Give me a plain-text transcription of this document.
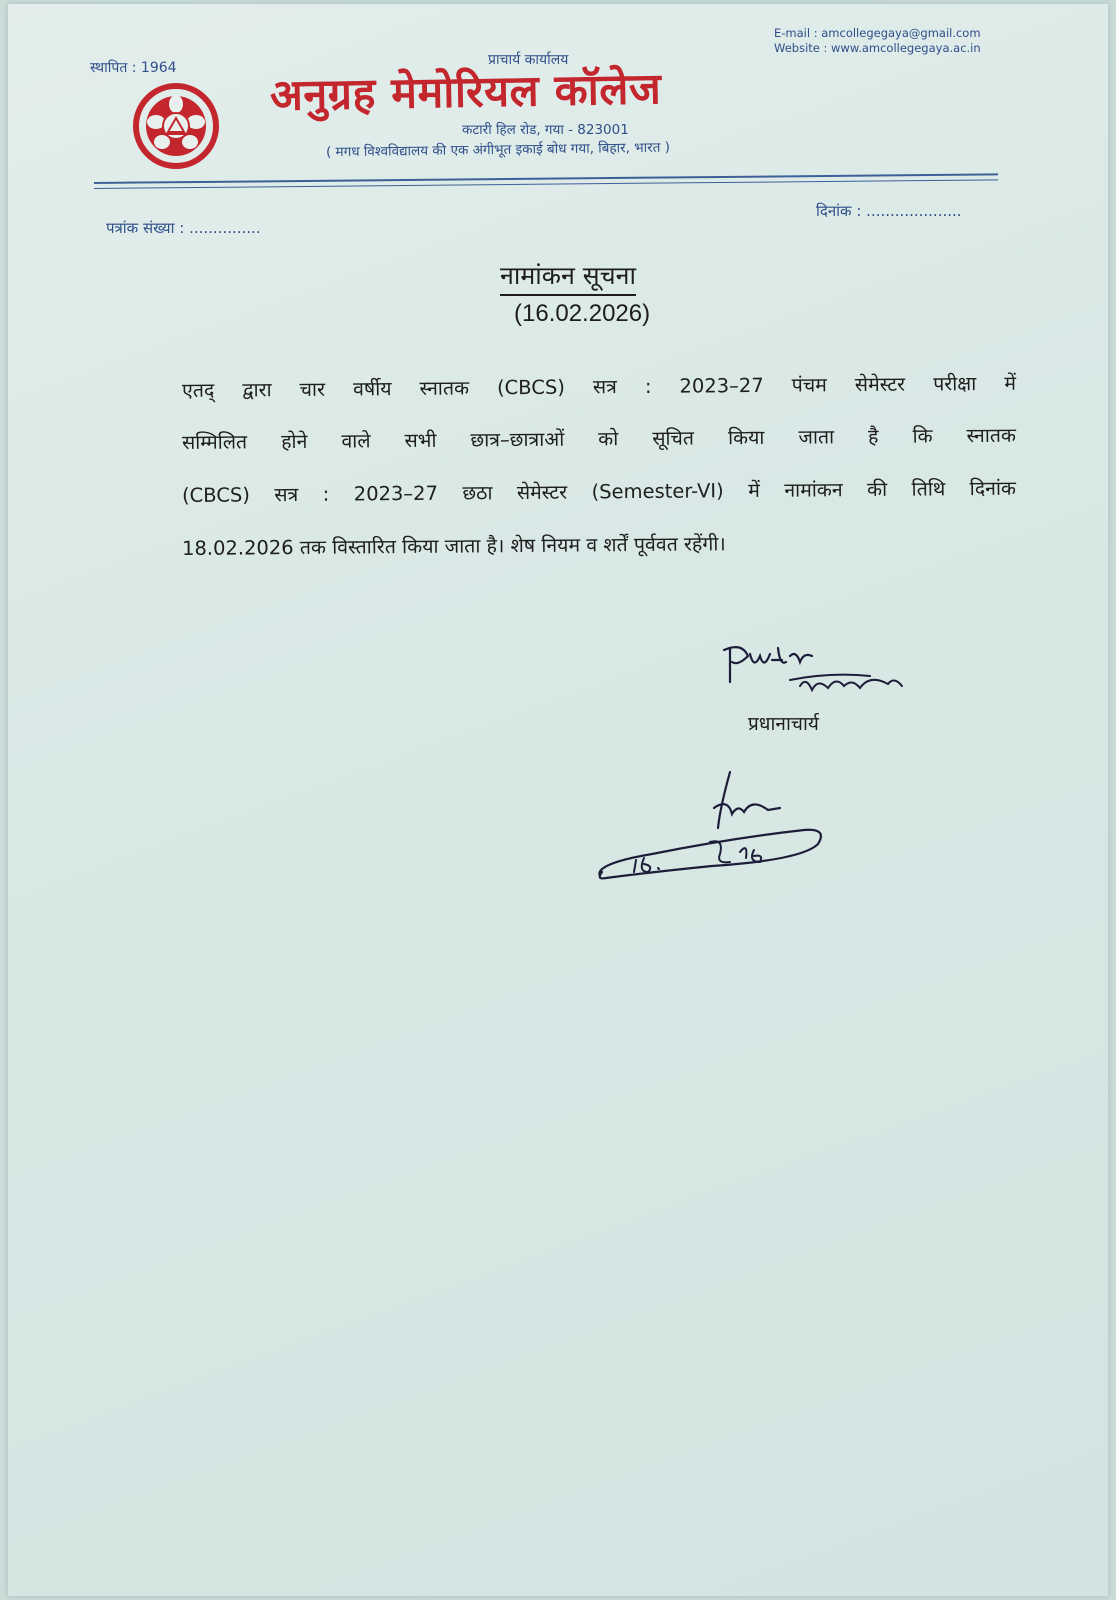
स्थापित : 1964	प्राचार्य कार्यालय
E-mail : amcollegegaya@gmail.com
Website : www.amcollegegaya.ac.in
अनुग्रह मेमोरियल कॉलेज
कटारी हिल रोड, गया - 823001
( मगध विश्वविद्यालय की एक अंगीभूत इकाई बोध गया, बिहार, भारत )
पत्रांक संख्या : ...............
दिनांक : ....................
नामांकन सूचना
(16.02.2026)
एतद् द्वारा चार वर्षीय स्नातक (CBCS) सत्र : 2023–27 पंचम सेमेस्टर परीक्षा में
सम्मिलित होने वाले सभी छात्र–छात्राओं को सूचित किया जाता है कि स्नातक
(CBCS) सत्र : 2023–27 छठा सेमेस्टर (Semester-VI) में नामांकन की तिथि दिनांक
18.02.2026 तक विस्तारित किया जाता है। शेष नियम व शर्तें पूर्ववत रहेंगी।
प्रधानाचार्य
